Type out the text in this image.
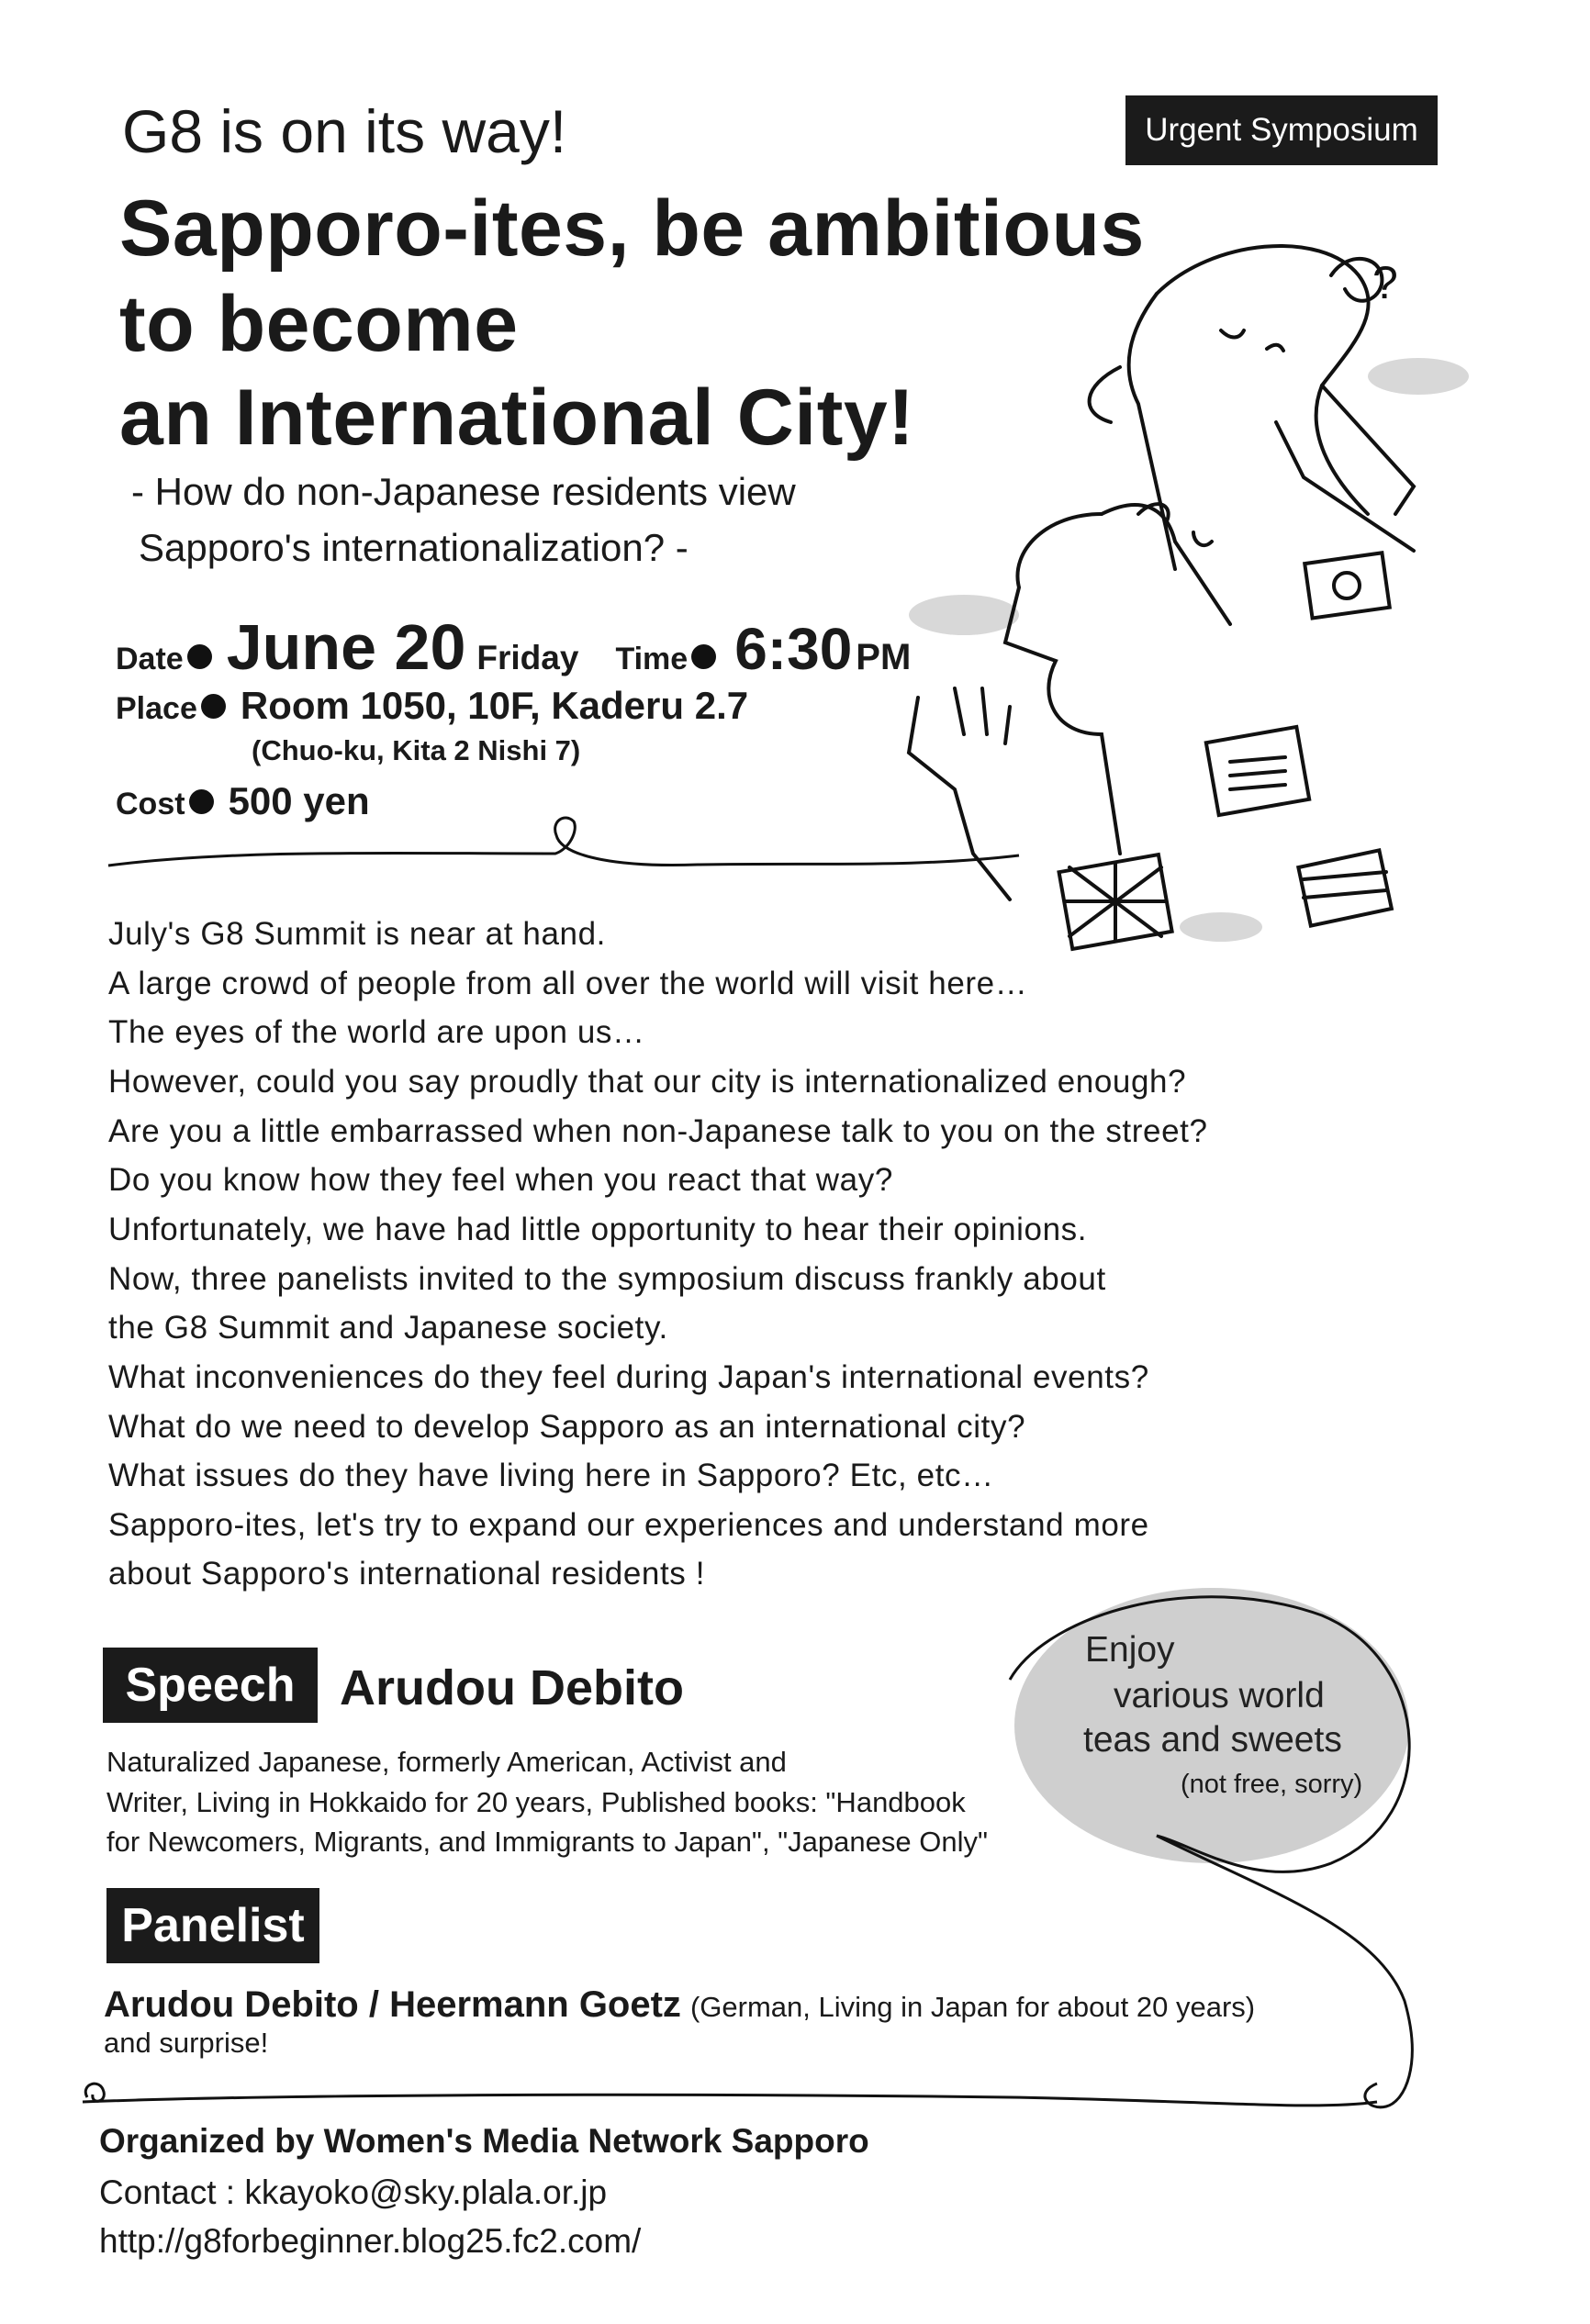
?
Urgent Symposium
G8 is on its way!
Sapporo-ites, be ambitious
to become
an International City!
- How do non-Japanese residents view
Sapporo's internationalization? -
Date June 20 Friday Time 6:30 PM
Place Room 1050, 10F, Kaderu 2.7
(Chuo-ku, Kita 2 Nishi 7)
Cost 500 yen
July's G8 Summit is near at hand.
A large crowd of people from all over the world will visit here…
The eyes of the world are upon us…
However, could you say proudly that our city is internationalized enough?
Are you a little embarrassed when non-Japanese talk to you on the street?
Do you know how they feel when you react that way?
Unfortunately, we have had little opportunity to hear their opinions.
Now, three panelists invited to the symposium discuss frankly about
the G8 Summit and Japanese society.
What inconveniences do they feel during Japan's international events?
What do we need to develop Sapporo as an international city?
What issues do they have living here in Sapporo? Etc, etc…
Sapporo-ites, let's try to expand our experiences and understand more
about Sapporo's international residents !
Speech Arudou Debito
Naturalized Japanese, formerly American, Activist and
Writer, Living in Hokkaido for 20 years, Published books: "Handbook
for Newcomers, Migrants, and Immigrants to Japan", "Japanese Only"
Enjoy
various world
teas and sweets
(not free, sorry)
Panelist
Arudou Debito / Heermann Goetz (German, Living in Japan for about 20 years)
and surprise!
Organized by Women's Media Network Sapporo
Contact : kkayoko@sky.plala.or.jp
http://g8forbeginner.blog25.fc2.com/
